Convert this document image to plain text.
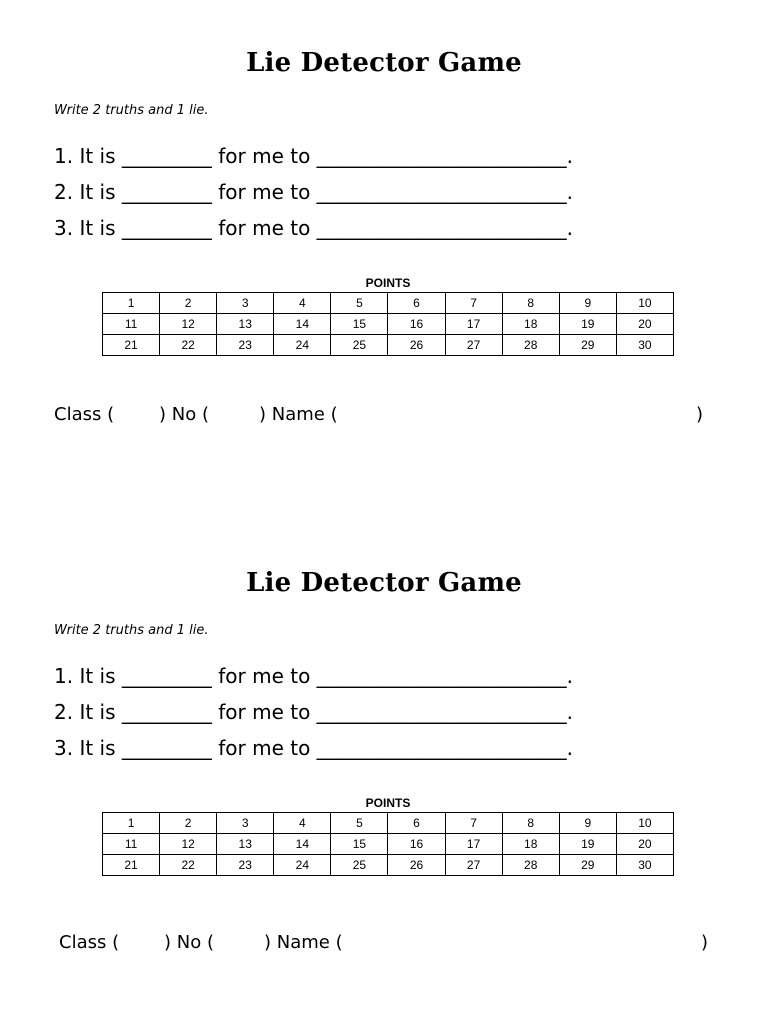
Lie Detector Game
Write 2 truths and 1 lie.
1. It is _________ for me to _________________________.
2. It is _________ for me to _________________________.
3. It is _________ for me to _________________________.
POINTS
1	2	3	4	5	6	7	8	9	10
11	12	13	14	15	16	17	18	19	20
21	22	23	24	25	26	27	28	29	30
Class ( ) No (	) Name (	)
Lie Detector Game
Write 2 truths and 1 lie.
1. It is _________ for me to _________________________.
2. It is _________ for me to _________________________.
3. It is _________ for me to _________________________.
POINTS
1	2	3	4	5	6	7	8	9	10
11	12	13	14	15	16	17	18	19	20
21	22	23	24	25	26	27	28	29	30
Class ( ) No (	) Name (	)
